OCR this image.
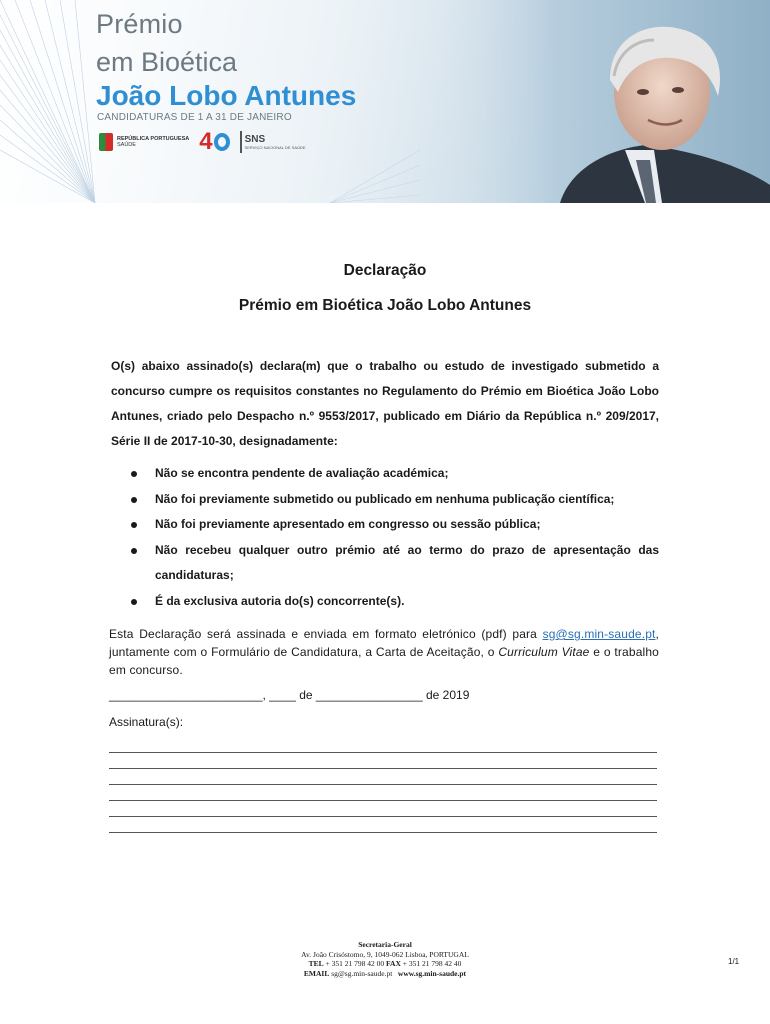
Prémio
em Bioética
João Lobo Antunes
CANDIDATURAS DE 1 A 31 DE JANEIRO
REPÚBLICA PORTUGUESA
SAÚDE	4	SNS
SERVIÇO NACIONAL DE SAÚDE
Declaração
Prémio em Bioética João Lobo Antunes
O(s) abaixo assinado(s) declara(m) que o trabalho ou estudo de investigado submetido a concurso cumpre os requisitos constantes no Regulamento do Prémio em Bioética João Lobo Antunes, criado pelo Despacho n.º 9553/2017, publicado em Diário da República n.º 209/2017, Série II de 2017-10-30, designadamente:
Não se encontra pendente de avaliação académica;
Não foi previamente submetido ou publicado em nenhuma publicação científica;
Não foi previamente apresentado em congresso ou sessão pública;
Não recebeu qualquer outro prémio até ao termo do prazo de apresentação das candidaturas;
É da exclusiva autoria do(s) concorrente(s).
Esta Declaração será assinada e enviada em formato eletrónico (pdf) para sg@sg.min-saude.pt, juntamente com o Formulário de Candidatura, a Carta de Aceitação, o Curriculum Vitae e o trabalho em concurso.
_______________________, ____ de ________________ de 2019
Assinatura(s):
Secretaria-Geral
Av. João Crisóstomo, 9, 1049-062 Lisboa, PORTUGAL
TEL + 351 21 798 42 00 FAX + 351 21 798 42 40
EMAIL sg@sg.min-saude.pt www.sg.min-saude.pt
1/1
